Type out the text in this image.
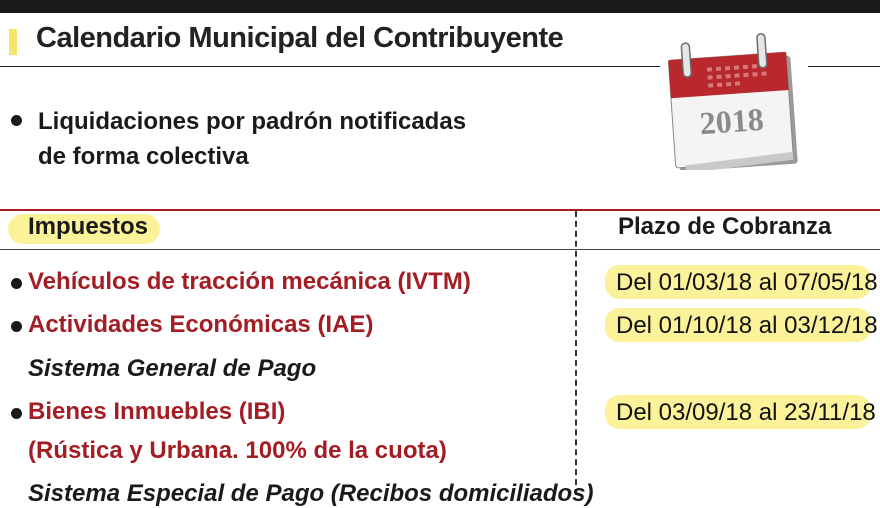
Calendario Municipal del Contribuyente
2018
Liquidaciones por padrón notificadas
de forma colectiva
Impuestos	Plazo de Cobranza
Vehículos de tracción mecánica (IVTM)	Del 01/03/18 al 07/05/18
Actividades Económicas (IAE)	Del 01/10/18 al 03/12/18
Sistema General de Pago
Bienes Inmuebles (IBI)	Del 03/09/18 al 23/11/18
(Rústica y Urbana. 100% de la cuota)
Sistema Especial de Pago (Recibos domiciliados)
